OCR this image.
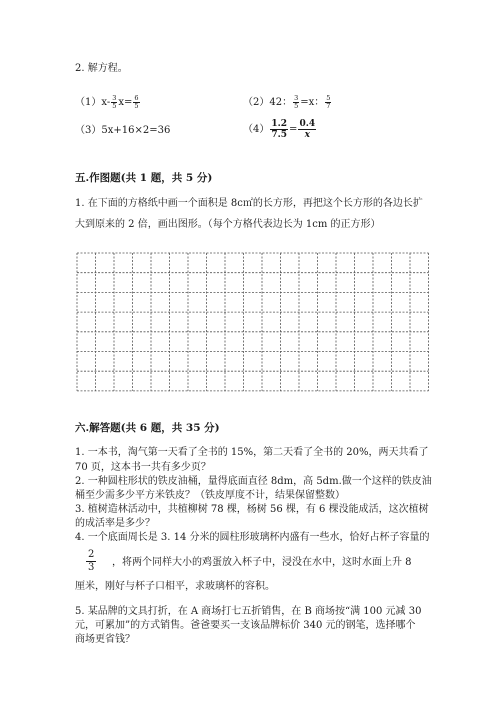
2. 解方程。
$(1)x- \frac{3}{5} x= \frac{6}{5}$	（2）42： $\frac{3}{5} =x$： $\frac{5}{7}$
（3）5x+16×2=36	$(4) \frac{1.2}{7.5} = \frac{0.4}{x}$
五.作图题(共 1 题，共 5 分)
1. 在下面的方格纸中画一个面积是 8c㎡的长方形，再把这个长方形的各边长扩
大到原来的 2 倍，画出图形。（每个方格代表边长为 1cm 的正方形）
六.解答题(共 6 题，共 35 分)
1. 一本书，淘气第一天看了全书的 15%，第二天看了全书的 20%，两天共看了
70 页，这本书一共有多少页？
2. 一种圆柱形状的铁皮油桶，量得底面直径 8dm，高 5dm.做一个这样的铁皮油
桶至少需多少平方米铁皮？（铁皮厚度不计，结果保留整数）
3. 植树造林活动中，共植柳树 78 棵，杨树 56 棵，有 6 棵没能成活，这次植树
的成活率是多少？
4. 一个底面周长是 3. 14 分米的圆柱形玻璃杯内盛有一些水，恰好占杯子容量的
$\frac{2}{3}$ ，将两个同样大小的鸡蛋放入杯子中，浸没在水中，这时水面上升 8
厘米，刚好与杯子口相平，求玻璃杯的容积。
5. 某品牌的文具打折，在 A 商场打七五折销售，在 B 商场按“满 100 元减 30
元，可累加”的方式销售。爸爸要买一支该品牌标价 340 元的钢笔，选择哪个
商场更省钱？
